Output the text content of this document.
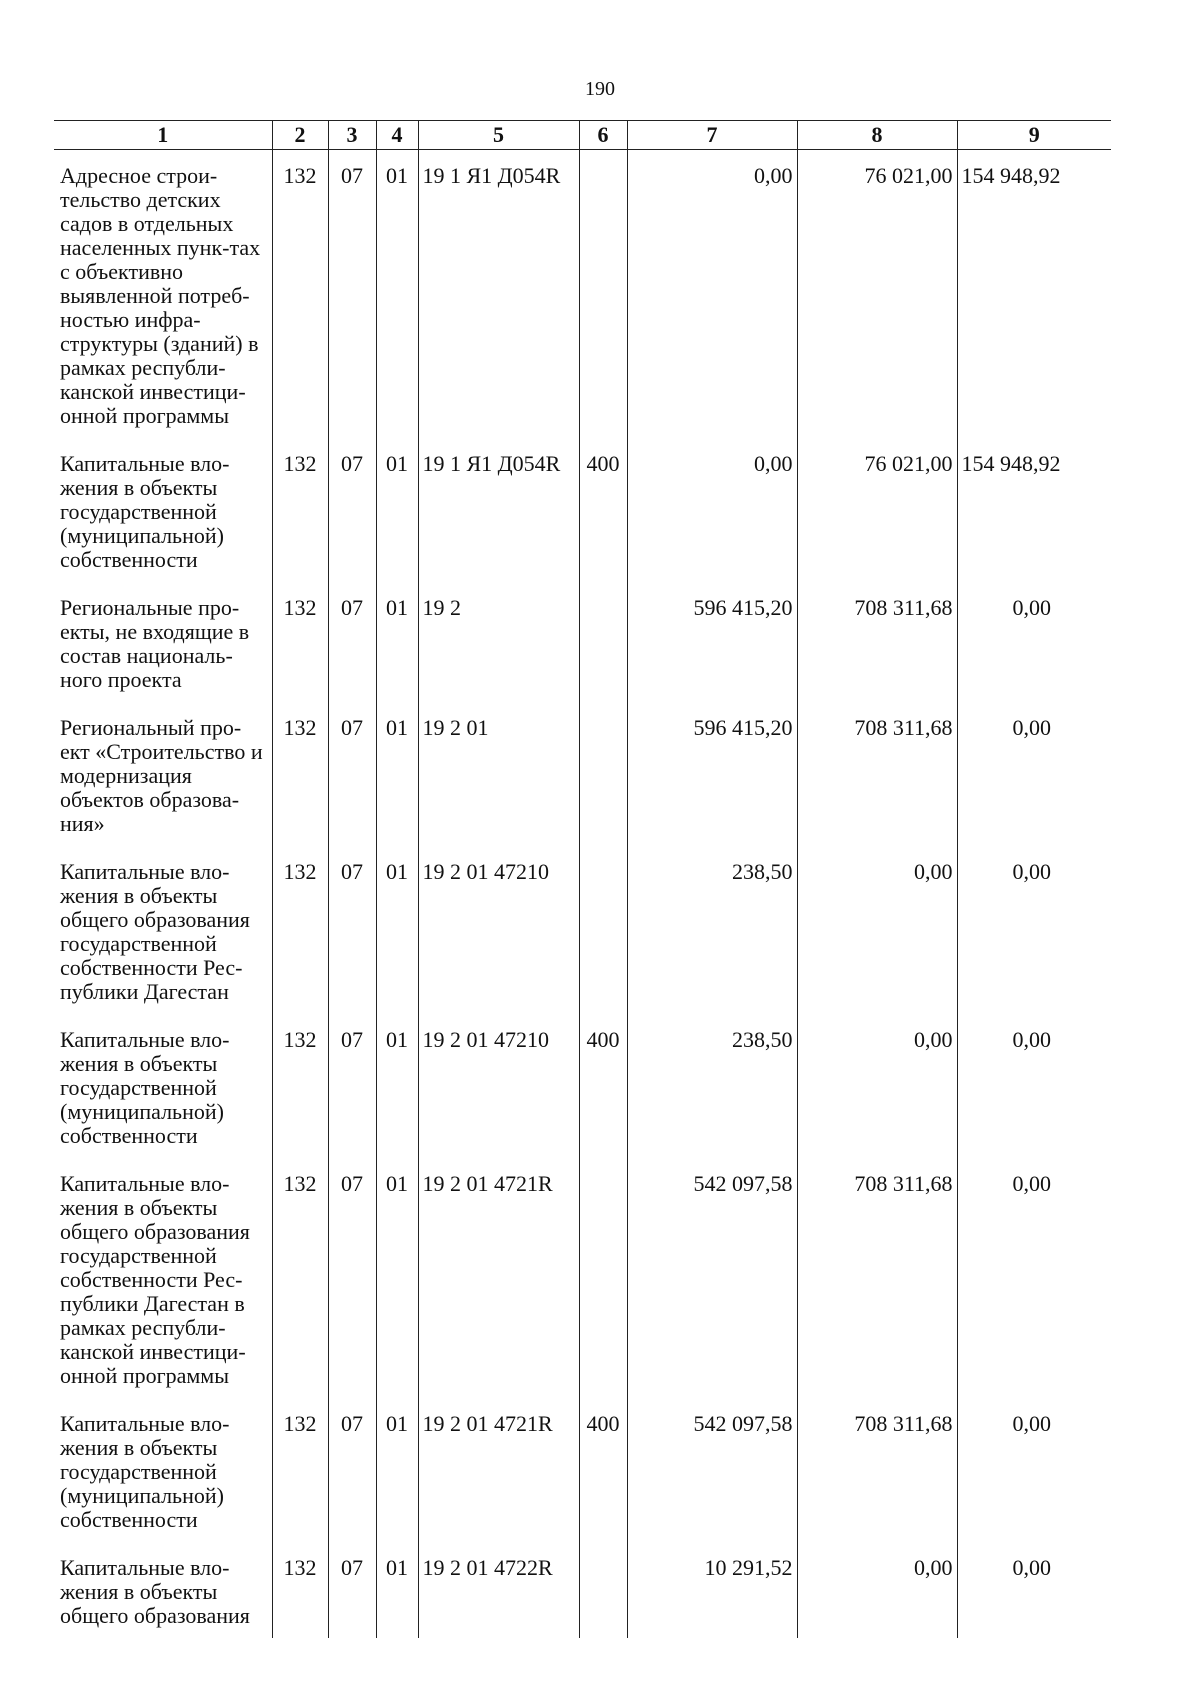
190
1	2	3	4	5	6	7	8	9
Адресное строи-тельство детских садов в отдельных населенных пунк-тах с объективно выявленной потреб-ностью инфра-структуры (зданий) в рамках республи-канской инвестици-онной программы	132	07	01	19 1 Я1 Д054R		0,00	76 021,00	154 948,92
Капитальные вло-жения в объекты государственной (муниципальной) собственности	132	07	01	19 1 Я1 Д054R	400	0,00	76 021,00	154 948,92
Региональные про-екты, не входящие в состав националь-ного проекта	132	07	01	19 2		596 415,20	708 311,68	0,00
Региональный про-ект «Строительство и модернизация объектов образова-ния»	132	07	01	19 2 01		596 415,20	708 311,68	0,00
Капитальные вло-жения в объекты общего образования государственной собственности Рес-публики Дагестан	132	07	01	19 2 01 47210		238,50	0,00	0,00
Капитальные вло-жения в объекты государственной (муниципальной) собственности	132	07	01	19 2 01 47210	400	238,50	0,00	0,00
Капитальные вло-жения в объекты общего образования государственной собственности Рес-публики Дагестан в рамках республи-канской инвестици-онной программы	132	07	01	19 2 01 4721R		542 097,58	708 311,68	0,00
Капитальные вло-жения в объекты государственной (муниципальной) собственности	132	07	01	19 2 01 4721R	400	542 097,58	708 311,68	0,00
Капитальные вло-жения в объекты общего образования	132	07	01	19 2 01 4722R		10 291,52	0,00	0,00
